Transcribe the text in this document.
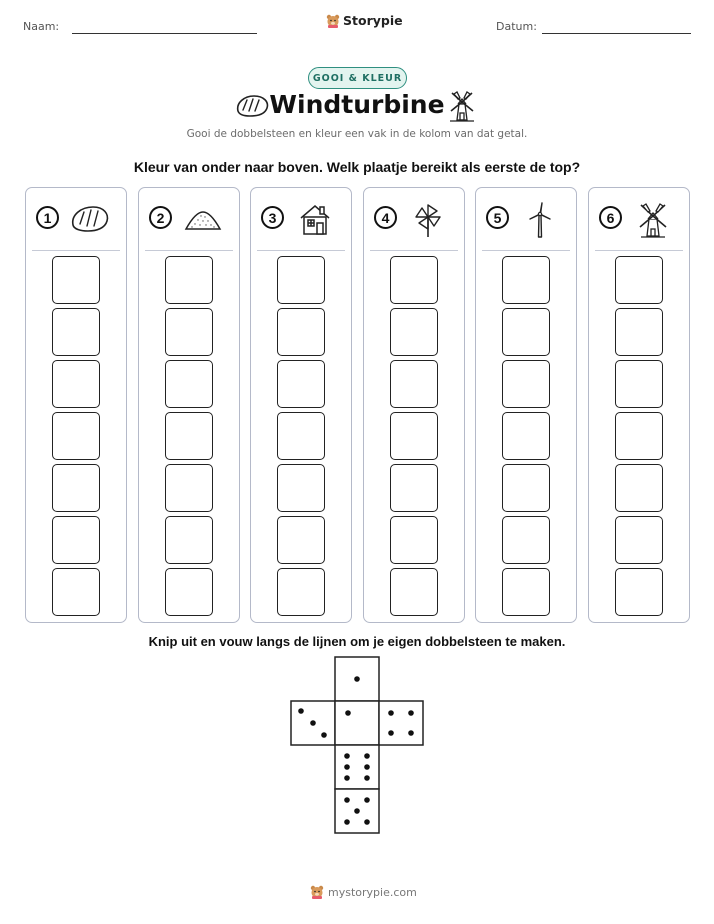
Naam:	Storypie	Datum:
GOOI & KLEUR
Windturbine
Gooi de dobbelsteen en kleur een vak in de kolom van dat getal.
Kleur van onder naar boven. Welk plaatje bereikt als eerste de top?
1	2	3	4	5	6
Knip uit en vouw langs de lijnen om je eigen dobbelsteen te maken.
mystorypie.com
